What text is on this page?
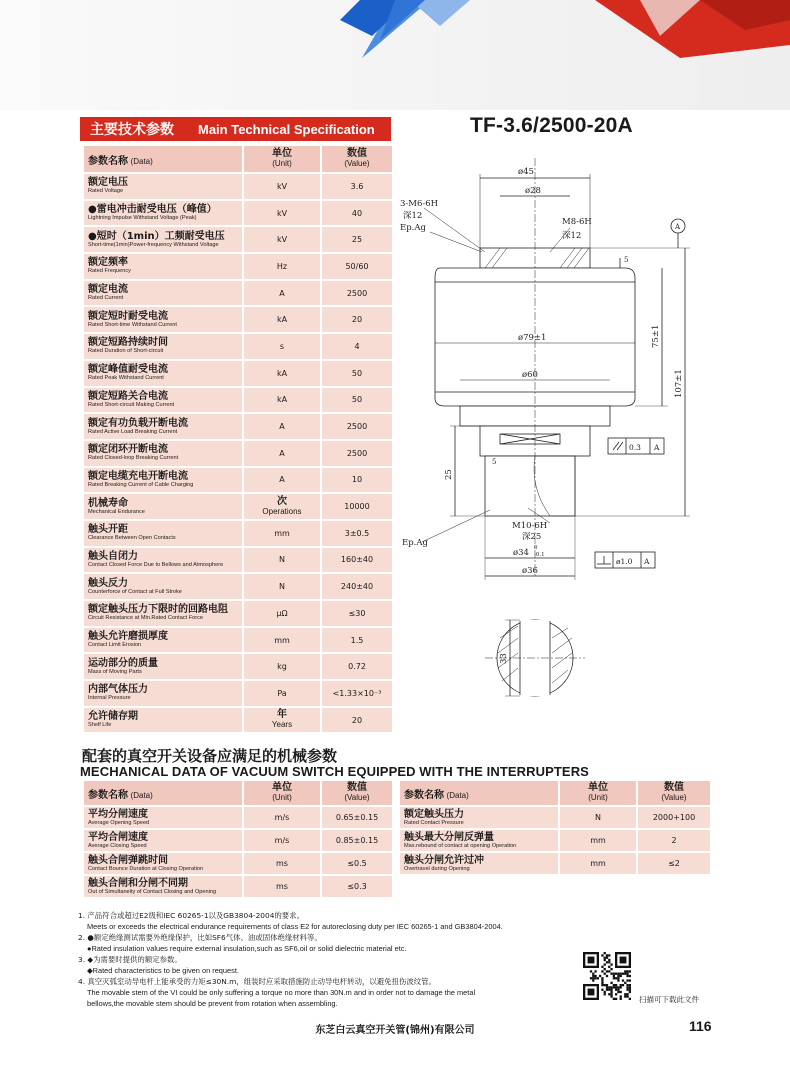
主要技术参数	Main Technical Specification	TF-3.6/2500-20A
参数名称 (Data)	单位
(Unit)	数值
(Value)

额定电压
Rated Voltage	kV	3.6

●雷电冲击耐受电压（峰值）
Lightning Impulse Withstand Voltage (Peak)	kV	40

●短时（1min）工频耐受电压
Short-time(1min)Power-frequency Withstand Voltage	kV	25

额定频率
Rated Frequency	Hz	50/60

额定电流
Rated Current	A	2500

额定短时耐受电流
Rated Short-time Withstand Current	kA	20

额定短路持续时间
Rated Duration of Short-circuit	s	4

额定峰值耐受电流
Rated Peak Withstand Current	kA	50

额定短路关合电流
Rated Short-circuit Making Current	kA	50

额定有功负载开断电流
Rated Active Load Breaking Current	A	2500

额定闭环开断电流
Rated Closed-loop Breaking Current	A	2500

额定电缆充电开断电流
Rated Breaking Current of Cable Charging	A	10

机械寿命
Mechanical Endurance	次
Operations	10000

触头开距
Clearance Between Open Contacts	mm	3±0.5

触头自闭力
Contact Closed Force Due to Bellows and Atmosphere	N	160±40

触头反力
Counterforce of Contact at Full Stroke	N	240±40

额定触头压力下限时的回路电阻
Circuit Resistance at Min.Rated Contact Force	μΩ	≤30

触头允许磨损厚度
Contact Limit Erosion	mm	1.5

运动部分的质量
Mass of Moving Parts	kg	0.72

内部气体压力
Internal Pressure	Pa	<1.33×10⁻³

允许储存期
Shelf Life	年
Years	20
ø45
ø28
3-M6-6H
深12
Ep.Ag
M8-6H
深12
A
5
ø79±1	75±1
107±1
ø60
0.3 A
5
25
M10-6H
深25
Ep.Ag
ø34 0
-0.1
ø1.0 A
ø36
33
配套的真空开关设备应满足的机械参数
MECHANICAL DATA OF VACUUM SWITCH EQUIPPED WITH THE INTERRUPTERS
参数名称 (Data)	单位
(Unit)	数值
(Value)

平均分闸速度
Average Opening Speed	m/s	0.65±0.15

平均合闸速度
Average Closing Speed	m/s	0.85±0.15

触头合闸弹跳时间
Contact Bounce Duration at Closing Operation	ms	≤0.5

触头合闸和分闸不同期
Out of Simultaneity of Contact Closing and Opening	ms	≤0.3
参数名称 (Data)	单位
(Unit)	数值
(Value)

额定触头压力
Rated Contact Pressure	N	2000+100

触头最大分闸反弹量
Max.rebound of contact at opening Operation	mm	2

触头分闸允许过冲
Overtravel during Opening	mm	≤2
1. 产品符合或超过E2级和IEC 60265-1以及GB3804-2004的要求。
Meets or exceeds the electrical endurance requirements of class E2 for autoreclosing duty per IEC 60265-1 and GB3804-2004.
2. ●额定绝缘测试需要外绝缘保护，比如SF6气体、油或固体绝缘材料等。
●Rated insulation values require external insulation,such as SF6,oil or solid dielectric material etc.
3. ◆为需要时提供的额定参数。
◆Rated characteristics to be given on request.
4. 真空灭弧室动导电杆上能承受的力矩≤30N.m，组装时应采取措施防止动导电杆转动，以避免扭伤波纹管。
The movable stem of the VI could be only suffering a torque no more than 30N.m and in order not to damage the metal
bellows,the movable stem should be prevent from rotation when assembling.	扫描可下载此文件
东芝白云真空开关管(锦州)有限公司	116
